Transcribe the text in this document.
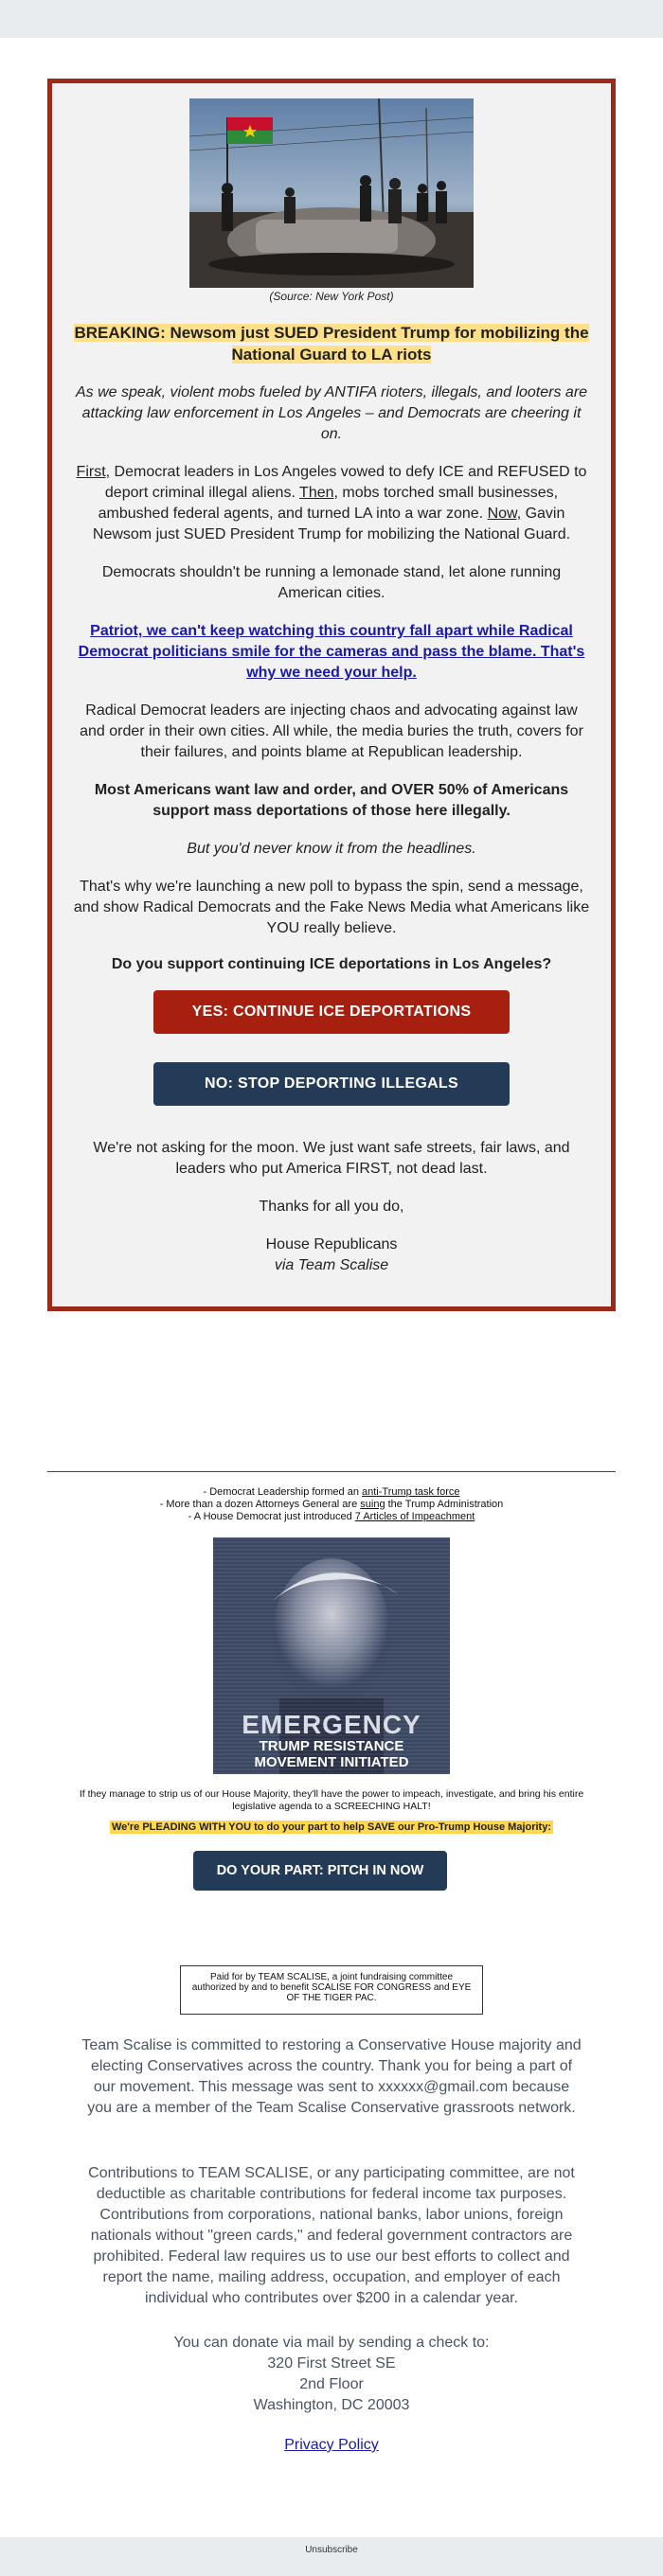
(Source: New York Post)
BREAKING: Newsom just SUED President Trump for mobilizing the National Guard to LA riots

As we speak, violent mobs fueled by ANTIFA rioters, illegals, and looters are attacking law enforcement in Los Angeles – and Democrats are cheering it on.

First, Democrat leaders in Los Angeles vowed to defy ICE and REFUSED to deport criminal illegal aliens. Then, mobs torched small businesses, ambushed federal agents, and turned LA into a war zone. Now, Gavin Newsom just SUED President Trump for mobilizing the National Guard.

Democrats shouldn't be running a lemonade stand, let alone running American cities.

Patriot, we can't keep watching this country fall apart while Radical Democrat politicians smile for the cameras and pass the blame. That's why we need your help.

Radical Democrat leaders are injecting chaos and advocating against law and order in their own cities. All while, the media buries the truth, covers for their failures, and points blame at Republican leadership.

Most Americans want law and order, and OVER 50% of Americans support mass deportations of those here illegally.

But you'd never know it from the headlines.

That's why we're launching a new poll to bypass the spin, send a message, and show Radical Democrats and the Fake News Media what Americans like YOU really believe.

Do you support continuing ICE deportations in Los Angeles?
YES: CONTINUE ICE DEPORTATIONS
NO: STOP DEPORTING ILLEGALS

We're not asking for the moon. We just want safe streets, fair laws, and leaders who put America FIRST, not dead last.

Thanks for all you do,

House Republicans

via Team Scalise

- Democrat Leadership formed an anti-Trump task force
- More than a dozen Attorneys General are suing the Trump Administration
- A House Democrat just introduced 7 Articles of Impeachment
EMERGENCY
TRUMP RESISTANCE
MOVEMENT INITIATED
If they manage to strip us of our House Majority, they'll have the power to impeach, investigate, and bring his entire legislative agenda to a SCREECHING HALT!
We're PLEADING WITH YOU to do your part to help SAVE our Pro-Trump House Majority:
DO YOUR PART: PITCH IN NOW
Paid for by TEAM SCALISE, a joint fundraising committee authorized by and to benefit SCALISE FOR CONGRESS and EYE OF THE TIGER PAC.
Team Scalise is committed to restoring a Conservative House majority and electing Conservatives across the country. Thank you for being a part of our movement. This message was sent to xxxxxx@gmail.com because you are a member of the Team Scalise Conservative grassroots network.
Contributions to TEAM SCALISE, or any participating committee, are not deductible as charitable contributions for federal income tax purposes. Contributions from corporations, national banks, labor unions, foreign nationals without "green cards," and federal government contractors are prohibited. Federal law requires us to use our best efforts to collect and report the name, mailing address, occupation, and employer of each individual who contributes over $200 in a calendar year.
You can donate via mail by sending a check to:
320 First Street SE
2nd Floor
Washington, DC 20003
Privacy Policy
Unsubscribe
